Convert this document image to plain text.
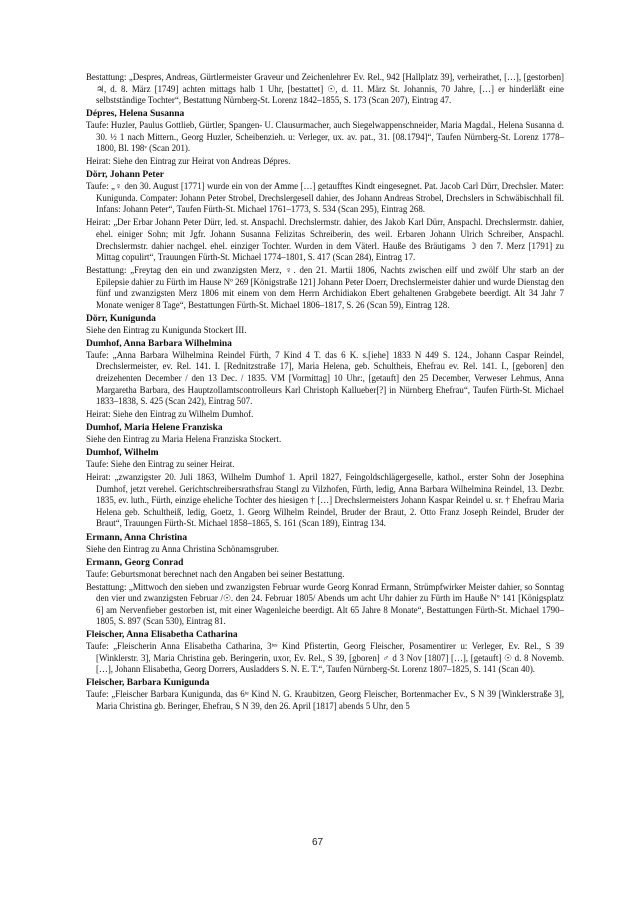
Bestattung: „Despres, Andreas, Gürtlermeister Graveur und Zeichenlehrer Ev. Rel., 942 [Hallplatz 39], verheirathet, […], [gestorben] ♃, d. 8. März [1749] achten mittags halb 1 Uhr, [bestattet] ☉, d. 11. März St. Johannis, 70 Jahre, […] er hinderläßt eine selbstständige Tochter“, Bestattung Nürnberg-St. Lorenz 1842–1855, S. 173 (Scan 207), Eintrag 47.

Dépres, Helena Susanna

Taufe: Huzler, Paulus Gottlieb, Gürtler, Spangen- U. Clausurmacher, auch Siegelwappenschneider, Maria Magdal., Helena Susanna d. 30. ½ 1 nach Mittern., Georg Huzler, Scheibenzieh. u: Verleger, ux. av. pat., 31. [08.1794]“, Taufen Nürnberg-St. Lorenz 1778–1800, Bl. 198ᵛ (Scan 201).

Heirat: Siehe den Eintrag zur Heirat von Andreas Dépres.

Dörr, Johann Peter

Taufe: „♀ den 30. August [1771] wurde ein von der Amme […] getaufftes Kindt eingesegnet. Pat. Jacob Carl Dürr, Drechsler. Mater: Kunigunda. Compater: Johann Peter Strobel, Drechslergesell dahier, des Johann Andreas Strobel, Drechslers in Schwäbischhall fil. Infans: Johann Peter“, Taufen Fürth-St. Michael 1761–1773, S. 534 (Scan 295), Eintrag 268.

Heirat: „Der Erbar Johann Peter Dürr, led. st. Anspachl. Drechslermstr. dahier, des Jakob Karl Dürr, Anspachl. Drechslermstr. dahier, ehel. einiger Sohn; mit Jgfr. Johann Susanna Felizitas Schreiberin, des weil. Erbaren Johann Ulrich Schreiber, Anspachl. Drechslermstr. dahier nachgel. ehel. einziger Tochter. Wurden in dem Väterl. Hauße des Bräutigams ☽ den 7. Merz [1791] zu Mittag copulirt“, Trauungen Fürth-St. Michael 1774–1801, S. 417 (Scan 284), Eintrag 17.

Bestattung: „Freytag den ein und zwanzigsten Merz, ♀. den 21. Martii 1806, Nachts zwischen eilf und zwölf Uhr starb an der Epilepsie dahier zu Fürth im Hause Nº 269 [Königstraße 121] Johann Peter Doerr, Drechslermeister dahier und wurde Dienstag den fünf und zwanzigsten Merz 1806 mit einem von dem Herrn Archidiakon Ebert gehaltenen Grabgebete beerdigt. Alt 34 Jahr 7 Monate weniger 8 Tage“, Bestattungen Fürth-St. Michael 1806–1817, S. 26 (Scan 59), Eintrag 128.

Dörr, Kunigunda

Siehe den Eintrag zu Kunigunda Stockert III.

Dumhof, Anna Barbara Wilhelmina

Taufe: „Anna Barbara Wilhelmina Reindel Fürth, 7 Kind 4 T. das 6 K. s.[iehe] 1833 N 449 S. 124., Johann Caspar Reindel, Drechslermeister, ev. Rel. 141. I. [Rednitzstraße 17], Maria Helena, geb. Schultheis, Ehefrau ev. Rel. 141. I., [geboren] den dreizehenten December / den 13 Dec. / 1835. VM [Vormittag] 10 Uhr:, [getauft] den 25 December, Verweser Lehmus, Anna Margaretha Barbara, des Hauptzollamtscontrolleurs Karl Christoph Kallueber[?] in Nürnberg Ehefrau“, Taufen Fürth-St. Michael 1833–1838, S. 425 (Scan 242), Eintrag 507.

Heirat: Siehe den Eintrag zu Wilhelm Dumhof.

Dumhof, Maria Helene Franziska

Siehe den Eintrag zu Maria Helena Franziska Stockert.

Dumhof, Wilhelm

Taufe: Siehe den Eintrag zu seiner Heirat.

Heirat: „zwanzigster 20. Juli 1863, Wilhelm Dumhof 1. April 1827, Feingoldschlägergeselle, kathol., erster Sohn der Josephina Dumhof, jetzt verehel. Gerichtschreibersrathsfrau Stangl zu Vilzhofen, Fürth, ledig, Anna Barbara Wilhelmina Reindel, 13. Dezbr. 1835, ev. luth., Fürth, einzige eheliche Tochter des hiesigen † […] Drechslermeisters Johann Kaspar Reindel u. sr. † Ehefrau Maria Helena geb. Schultheiß, ledig, Goetz, 1. Georg Wilhelm Reindel, Bruder der Braut, 2. Otto Franz Joseph Reindel, Bruder der Braut“, Trauungen Fürth-St. Michael 1858–1865, S. 161 (Scan 189), Eintrag 134.

Ermann, Anna Christina

Siehe den Eintrag zu Anna Christina Schönamsgruber.

Ermann, Georg Conrad

Taufe: Geburtsmonat berechnet nach den Angaben bei seiner Bestattung.

Bestattung: „Mittwoch den sieben und zwanzigsten Februar wurde Georg Konrad Ermann, Strümpfwirker Meister dahier, so Sonntag den vier und zwanzigsten Februar /☉. den 24. Februar 1805/ Abends um acht Uhr dahier zu Fürth im Hauße Nº 141 [Königsplatz 6] am Nervenfieber gestorben ist, mit einer Wagenleiche beerdigt. Alt 65 Jahre 8 Monate“, Bestattungen Fürth-St. Michael 1790–1805, S. 897 (Scan 530), Eintrag 81.

Fleischer, Anna Elisabetha Catharina

Taufe: „Fleischerin Anna Elisabetha Catharina, 3ᵗᵉˢ Kind Pfistertin, Georg Fleischer, Posamentirer u: Verleger, Ev. Rel., S 39 [Winklerstr. 3], Maria Christina geb. Beringerin, uxor, Ev. Rel., S 39, [gboren] ♂ d 3 Nov [1807] […], [getauft] ☉ d. 8 Novemb. […], Johann Elisabetha, Georg Dorrers, Ausladders S. N. E. T.“, Taufen Nürnberg-St. Lorenz 1807–1825, S. 141 (Scan 40).

Fleischer, Barbara Kunigunda

Taufe: „Fleischer Barbara Kunigunda, das 6ᵗᵉ Kind N. G. Kraubitzen, Georg Fleischer, Bortenmacher Ev., S N 39 [Winklerstraße 3], Maria Christina gb. Beringer, Ehefrau, S N 39, den 26. April [1817] abends 5 Uhr, den 5

67
